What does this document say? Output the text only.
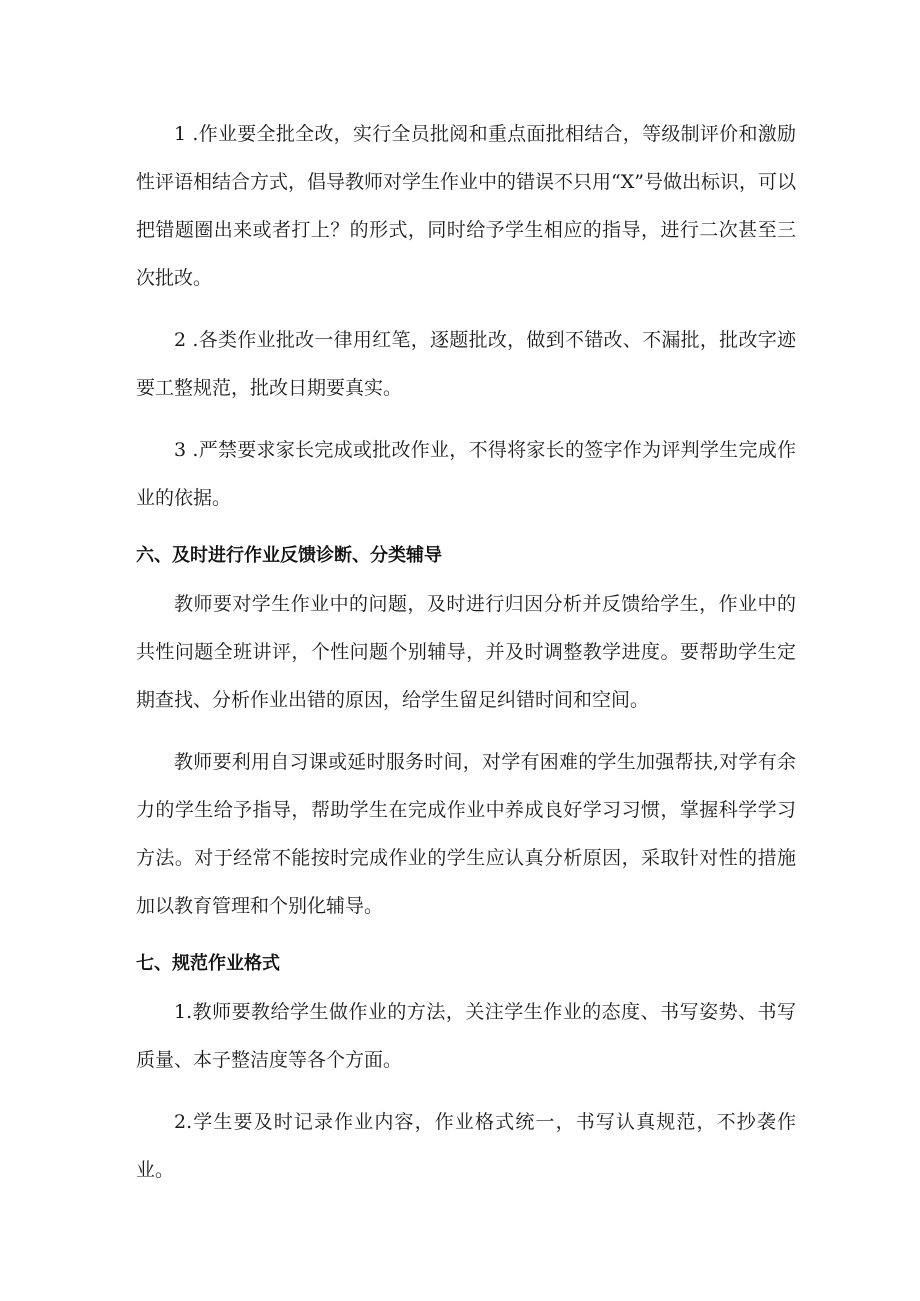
1 .作业要全批全改，实行全员批阅和重点面批相结合，等级制评价和激励性评语相结合方式，倡导教师对学生作业中的错误不只用“X”号做出标识，可以把错题圈出来或者打上？的形式，同时给予学生相应的指导，进行二次甚至三次批改。

2 .各类作业批改一律用红笔，逐题批改，做到不错改、不漏批，批改字迹要工整规范，批改日期要真实。

3 .严禁要求家长完成或批改作业，不得将家长的签字作为评判学生完成作业的依据。

六、及时进行作业反馈诊断、分类辅导

教师要对学生作业中的问题，及时进行归因分析并反馈给学生，作业中的共性问题全班讲评，个性问题个别辅导，并及时调整教学进度。要帮助学生定期查找、分析作业出错的原因，给学生留足纠错时间和空间。

教师要利用自习课或延时服务时间，对学有困难的学生加强帮扶,对学有余力的学生给予指导，帮助学生在完成作业中养成良好学习习惯，掌握科学学习方法。对于经常不能按时完成作业的学生应认真分析原因，采取针对性的措施加以教育管理和个别化辅导。

七、规范作业格式

1.教师要教给学生做作业的方法，关注学生作业的态度、书写姿势、书写质量、本子整洁度等各个方面。

2.学生要及时记录作业内容，作业格式统一，书写认真规范，不抄袭作业。
